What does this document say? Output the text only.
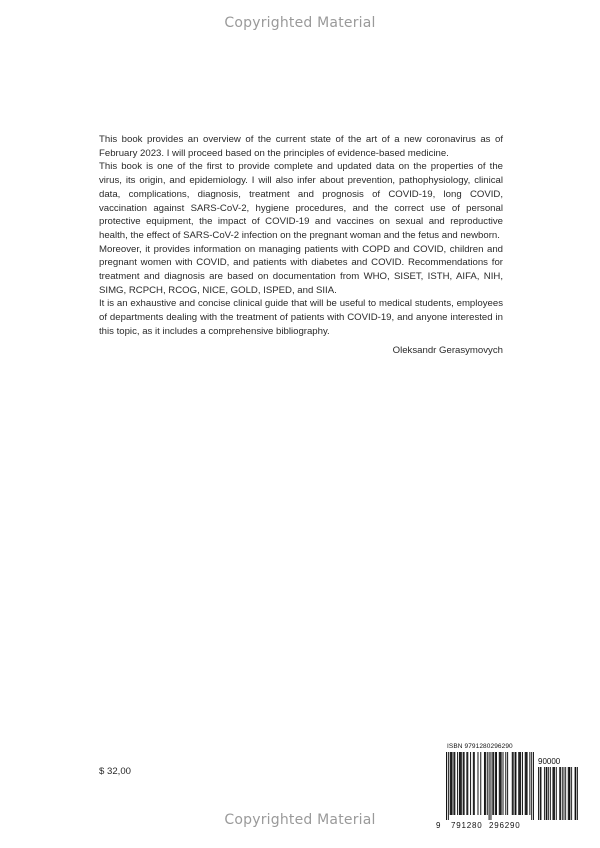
Copyrighted Material

This book provides an overview of the current state of the art of a new coronavirus as of February 2023. I will proceed based on the principles of evidence-based medicine.

This book is one of the first to provide complete and updated data on the properties of the virus, its origin, and epidemiology. I will also infer about prevention, pathophysiology, clinical data, complications, diagnosis, treatment and prognosis of COVID-19, long COVID, vaccination against SARS-CoV-2, hygiene procedures, and the correct use of personal protective equipment, the impact of COVID-19 and vaccines on sexual and reproductive health, the effect of SARS-CoV-2 infection on the pregnant woman and the fetus and newborn.

Moreover, it provides information on managing patients with COPD and COVID, children and pregnant women with COVID, and patients with diabetes and COVID. Recommendations for treatment and diagnosis are based on documentation from WHO, SISET, ISTH, AIFA, NIH, SIMG, RCPCH, RCOG, NICE, GOLD, ISPED, and SIIA.

It is an exhaustive and concise clinical guide that will be useful to medical students, employees of departments dealing with the treatment of patients with COVID-19, and anyone interested in this topic, as it includes a comprehensive bibliography.

Oleksandr Gerasymovych
$ 32,00
ISBN 9791280296290
90000
9 791280 296290
Copyrighted Material
